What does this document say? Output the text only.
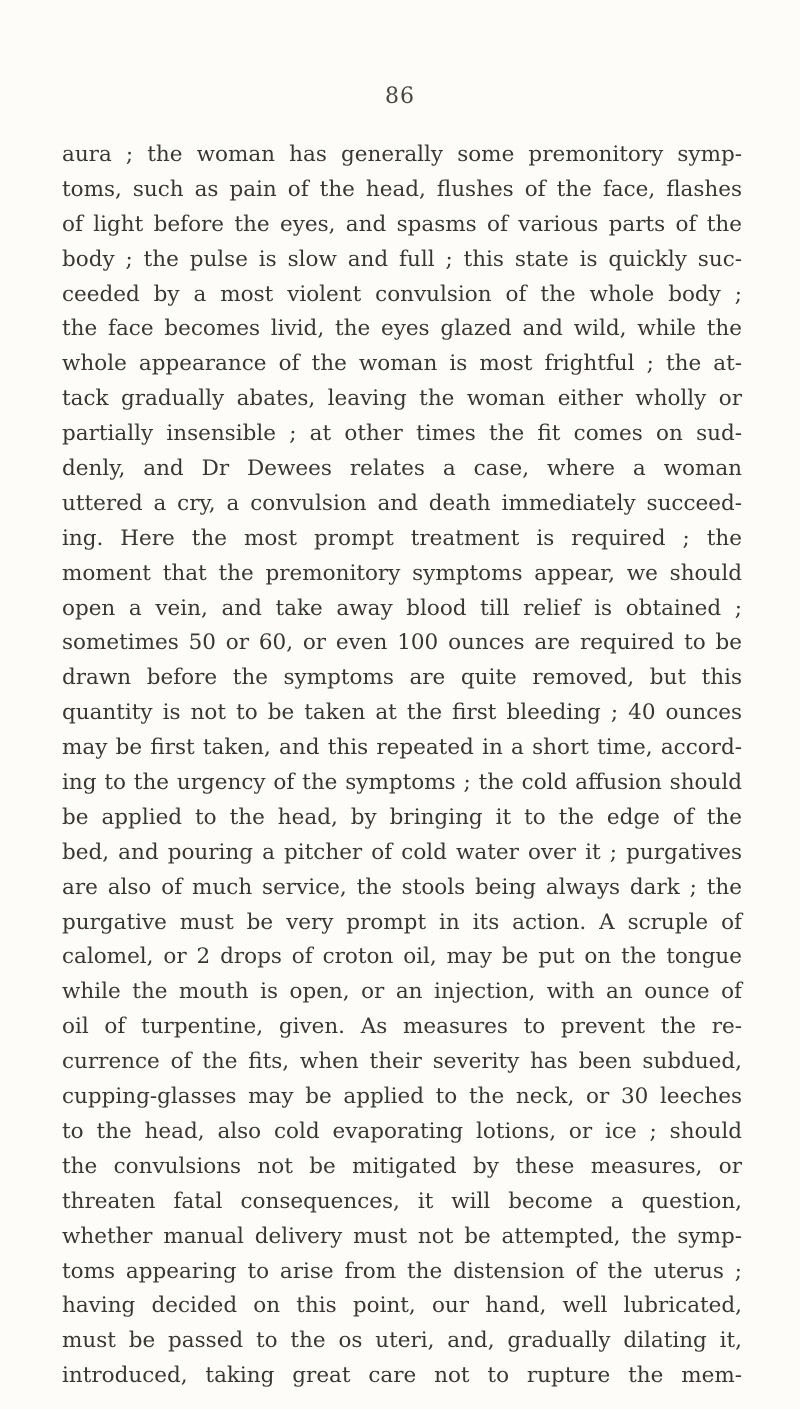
86
aura ; the woman has generally some premonitory symp-
toms, such as pain of the head, flushes of the face, flashes
of light before the eyes, and spasms of various parts of the
body ; the pulse is slow and full ; this state is quickly suc-
ceeded by a most violent convulsion of the whole body ;
the face becomes livid, the eyes glazed and wild, while the
whole appearance of the woman is most frightful ; the at-
tack gradually abates, leaving the woman either wholly or
partially insensible ; at other times the fit comes on sud-
denly, and Dr Dewees relates a case, where a woman
uttered a cry, a convulsion and death immediately succeed-
ing. Here the most prompt treatment is required ; the
moment that the premonitory symptoms appear, we should
open a vein, and take away blood till relief is obtained ;
sometimes 50 or 60, or even 100 ounces are required to be
drawn before the symptoms are quite removed, but this
quantity is not to be taken at the first bleeding ; 40 ounces
may be first taken, and this repeated in a short time, accord-
ing to the urgency of the symptoms ; the cold affusion should
be applied to the head, by bringing it to the edge of the
bed, and pouring a pitcher of cold water over it ; purgatives
are also of much service, the stools being always dark ; the
purgative must be very prompt in its action. A scruple of
calomel, or 2 drops of croton oil, may be put on the tongue
while the mouth is open, or an injection, with an ounce of
oil of turpentine, given. As measures to prevent the re-
currence of the fits, when their severity has been subdued,
cupping-glasses may be applied to the neck, or 30 leeches
to the head, also cold evaporating lotions, or ice ; should
the convulsions not be mitigated by these measures, or
threaten fatal consequences, it will become a question,
whether manual delivery must not be attempted, the symp-
toms appearing to arise from the distension of the uterus ;
having decided on this point, our hand, well lubricated,
must be passed to the os uteri, and, gradually dilating it,
introduced, taking great care not to rupture the mem-
